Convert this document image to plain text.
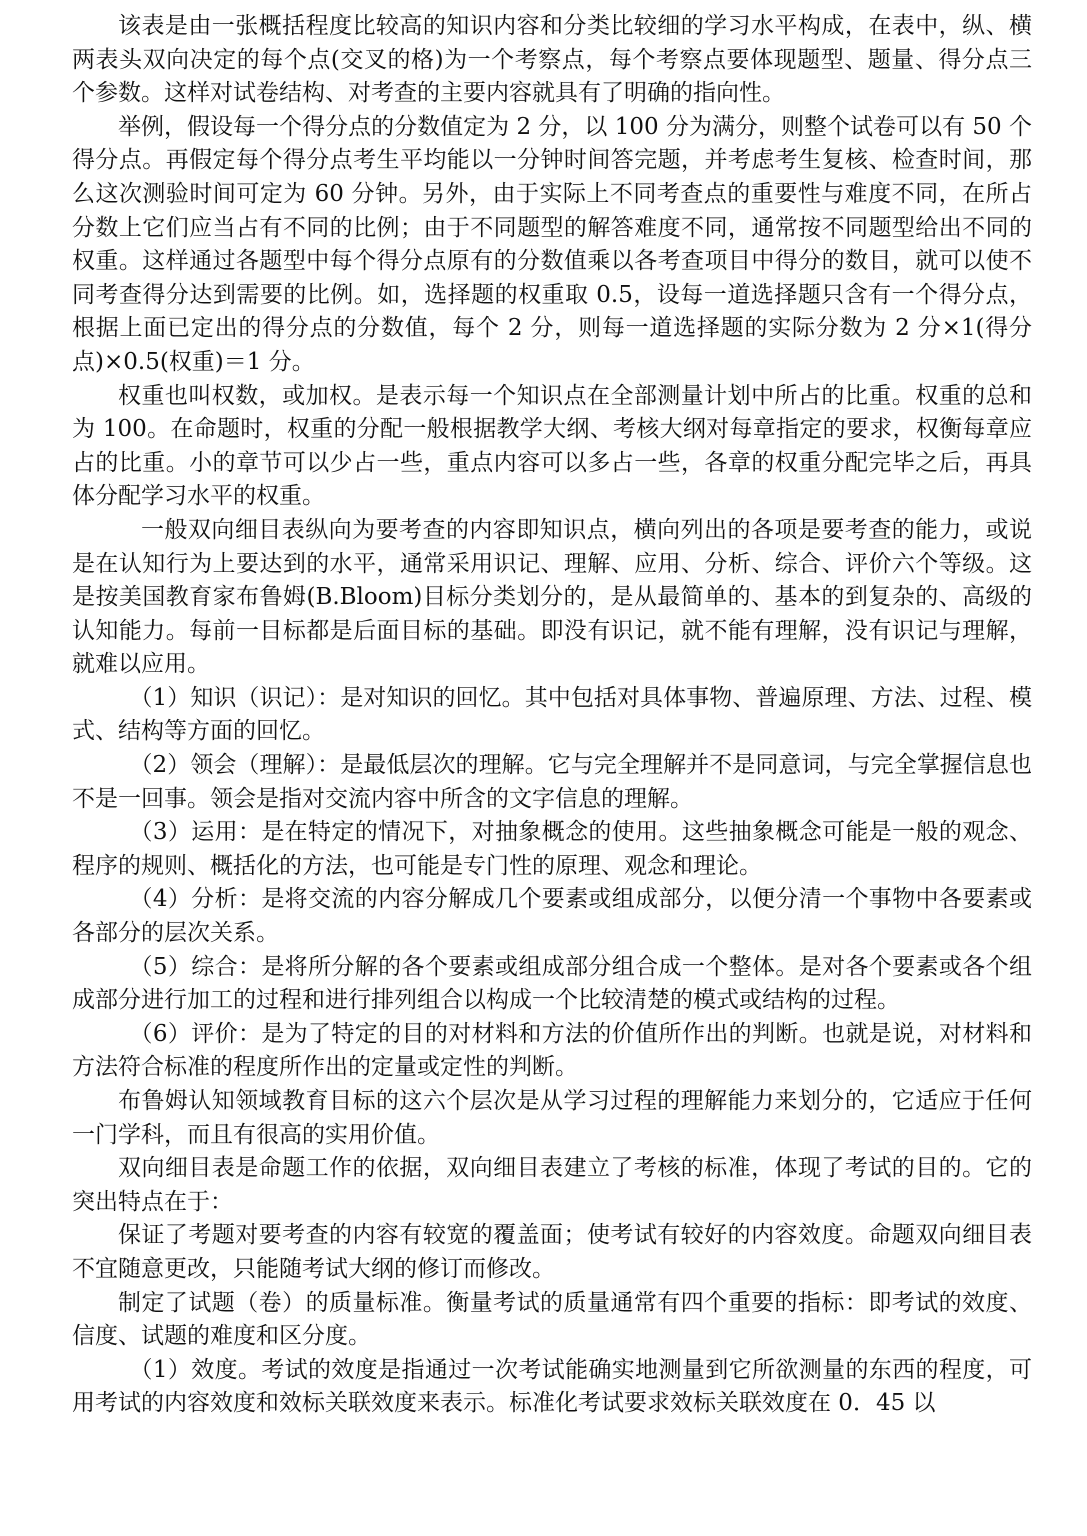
该表是由一张概括程度比较高的知识内容和分类比较细的学习水平构成，在表中，纵、横两表头双向决定的每个点(交叉的格)为一个考察点，每个考察点要体现题型、题量、得分点三个参数。这样对试卷结构、对考查的主要内容就具有了明确的指向性。

举例，假设每一个得分点的分数值定为 2 分，以 100 分为满分，则整个试卷可以有 50 个得分点。再假定每个得分点考生平均能以一分钟时间答完题，并考虑考生复核、检查时间，那么这次测验时间可定为 60 分钟。另外，由于实际上不同考查点的重要性与难度不同，在所占分数上它们应当占有不同的比例；由于不同题型的解答难度不同，通常按不同题型给出不同的权重。这样通过各题型中每个得分点原有的分数值乘以各考查项目中得分的数目，就可以使不同考查得分达到需要的比例。如，选择题的权重取 0.5，设每一道选择题只含有一个得分点，根据上面已定出的得分点的分数值，每个 2 分，则每一道选择题的实际分数为 2 分×1(得分点)×0.5(权重)＝1 分。

权重也叫权数，或加权。是表示每一个知识点在全部测量计划中所占的比重。权重的总和为 100。在命题时，权重的分配一般根据教学大纲、考核大纲对每章指定的要求，权衡每章应占的比重。小的章节可以少占一些，重点内容可以多占一些，各章的权重分配完毕之后，再具体分配学习水平的权重。

一般双向细目表纵向为要考查的内容即知识点，横向列出的各项是要考查的能力，或说是在认知行为上要达到的水平，通常采用识记、理解、应用、分析、综合、评价六个等级。这是按美国教育家布鲁姆(B.Bloom)目标分类划分的，是从最简单的、基本的到复杂的、高级的认知能力。每前一目标都是后面目标的基础。即没有识记，就不能有理解，没有识记与理解，就难以应用。

（1）知识（识记）：是对知识的回忆。其中包括对具体事物、普遍原理、方法、过程、模式、结构等方面的回忆。

（2）领会（理解）：是最低层次的理解。它与完全理解并不是同意词，与完全掌握信息也不是一回事。领会是指对交流内容中所含的文字信息的理解。

（3）运用：是在特定的情况下，对抽象概念的使用。这些抽象概念可能是一般的观念、程序的规则、概括化的方法，也可能是专门性的原理、观念和理论。

（4）分析：是将交流的内容分解成几个要素或组成部分，以便分清一个事物中各要素或各部分的层次关系。

（5）综合：是将所分解的各个要素或组成部分组合成一个整体。是对各个要素或各个组成部分进行加工的过程和进行排列组合以构成一个比较清楚的模式或结构的过程。

（6）评价：是为了特定的目的对材料和方法的价值所作出的判断。也就是说，对材料和方法符合标准的程度所作出的定量或定性的判断。

布鲁姆认知领域教育目标的这六个层次是从学习过程的理解能力来划分的，它适应于任何一门学科，而且有很高的实用价值。

双向细目表是命题工作的依据，双向细目表建立了考核的标准，体现了考试的目的。它的突出特点在于：

保证了考题对要考查的内容有较宽的覆盖面；使考试有较好的内容效度。命题双向细目表不宜随意更改，只能随考试大纲的修订而修改。

制定了试题（卷）的质量标准。衡量考试的质量通常有四个重要的指标：即考试的效度、信度、试题的难度和区分度。

（1）效度。考试的效度是指通过一次考试能确实地测量到它所欲测量的东西的程度，可用考试的内容效度和效标关联效度来表示。标准化考试要求效标关联效度在 0．45 以
